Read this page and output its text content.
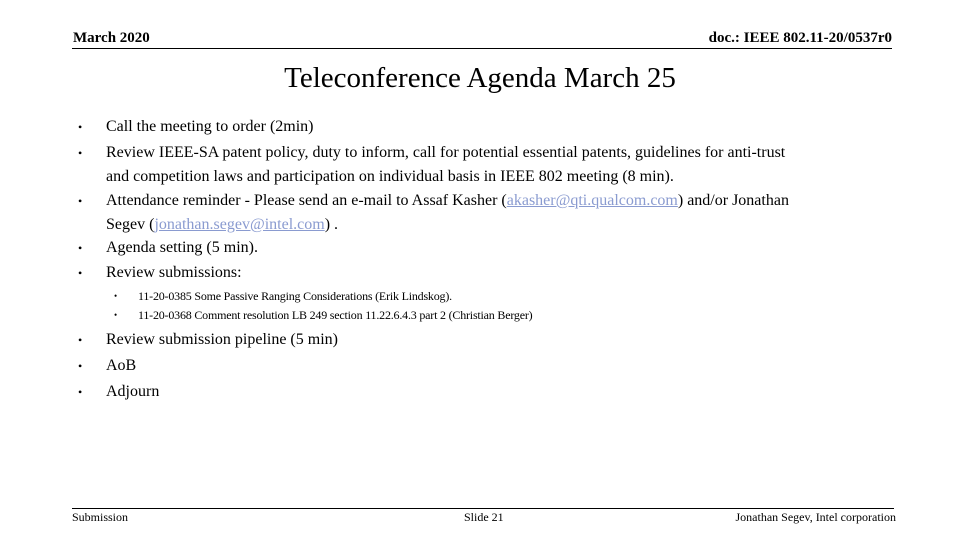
March 2020	doc.: IEEE 802.11-20/0537r0
Teleconference Agenda March 25
• Call the meeting to order (2min)
• Review IEEE-SA patent policy, duty to inform, call for potential essential patents, guidelines for anti-trust
and competition laws and participation on individual basis in IEEE 802 meeting (8 min).
• Attendance reminder - Please send an e-mail to Assaf Kasher (akasher@qti.qualcom.com) and/or Jonathan
Segev (jonathan.segev@intel.com) .
• Agenda setting (5 min).
• Review submissions:
• 11-20-0385 Some Passive Ranging Considerations (Erik Lindskog).
• 11-20-0368 Comment resolution LB 249 section 11.22.6.4.3 part 2 (Christian Berger)
• Review submission pipeline (5 min)
• AoB
• Adjourn
Submission	Slide 21	Jonathan Segev, Intel corporation
